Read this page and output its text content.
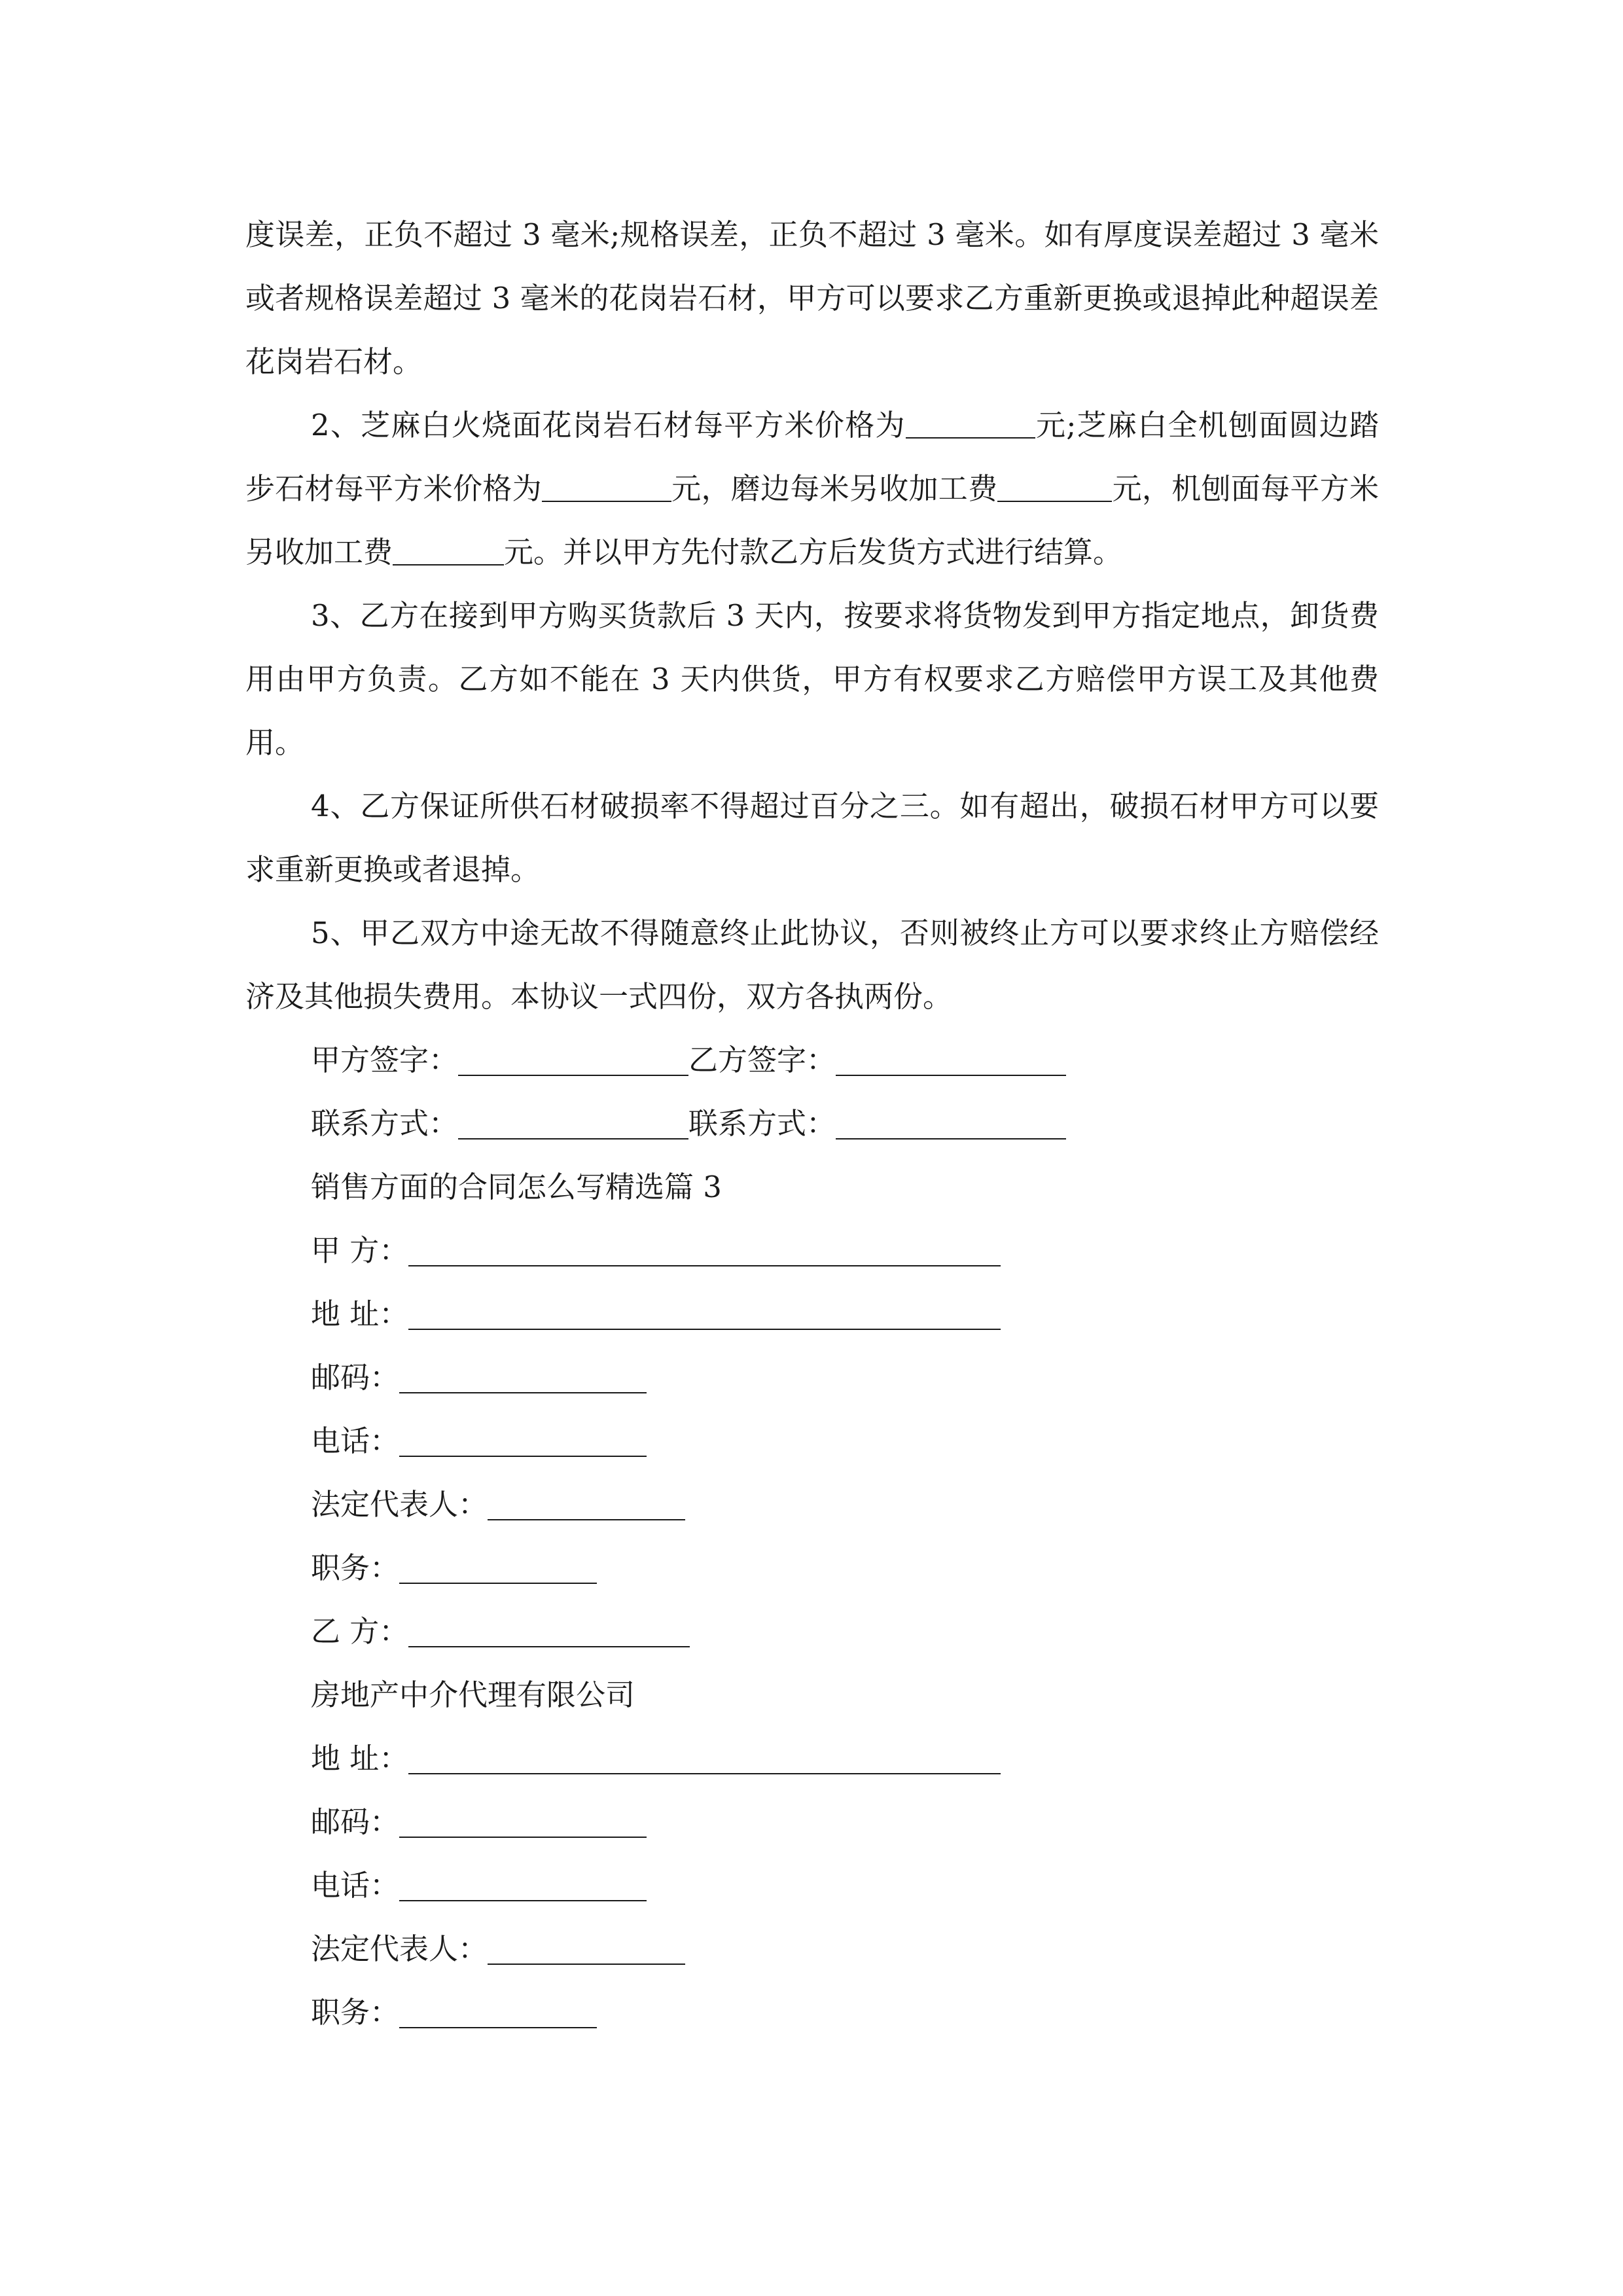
度误差，正负不超过 3 毫米;规格误差，正负不超过 3 毫米。如有厚度误差超过 3 毫米或者规格误差超过 3 毫米的花岗岩石材，甲方可以要求乙方重新更换或退掉此种超误差花岗岩石材。

2、芝麻白火烧面花岗岩石材每平方米价格为	元;芝麻白全机刨面圆边踏步石材每平方米价格为	元，磨边每米另收加工费	元，机刨面每平方米另收加工费	元。并以甲方先付款乙方后发货方式进行结算。

3、乙方在接到甲方购买货款后 3 天内，按要求将货物发到甲方指定地点，卸货费用由甲方负责。乙方如不能在 3 天内供货，甲方有权要求乙方赔偿甲方误工及其他费用。

4、乙方保证所供石材破损率不得超过百分之三。如有超出，破损石材甲方可以要求重新更换或者退掉。

5、甲乙双方中途无故不得随意终止此协议，否则被终止方可以要求终止方赔偿经济及其他损失费用。本协议一式四份，双方各执两份。

甲方签字：	乙方签字：
联系方式：	联系方式：
销售方面的合同怎么写精选篇 3
甲 方：
地 址：
邮码：
电话：
法定代表人：
职务：
乙 方：
房地产中介代理有限公司
地 址：
邮码：
电话：
法定代表人：
职务：
